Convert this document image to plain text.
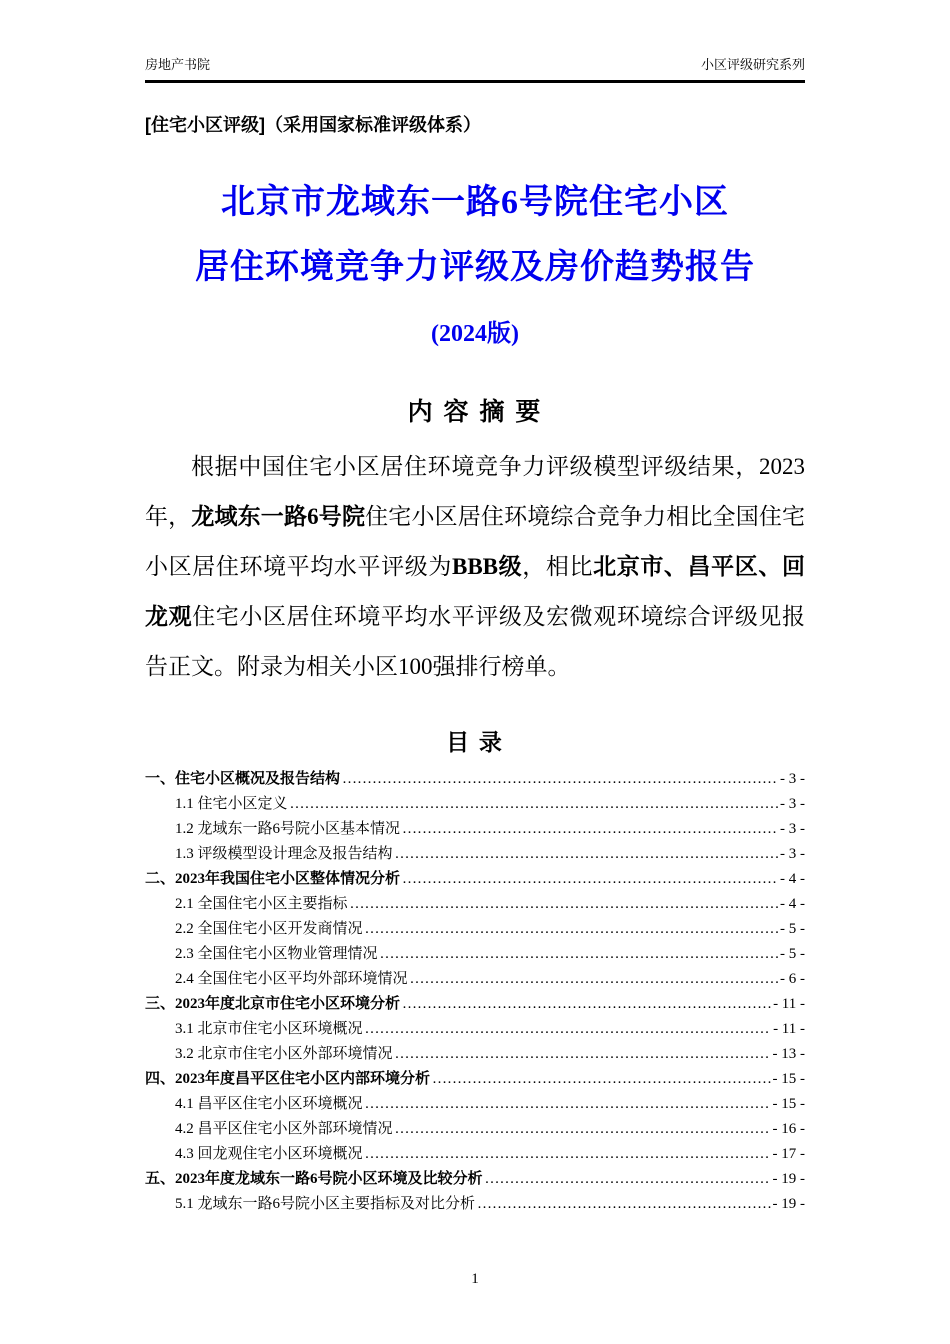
房地产书院	小区评级研究系列
[住宅小区评级]（采用国家标准评级体系）
北京市龙域东一路6号院住宅小区
居住环境竞争力评级及房价趋势报告
(2024版)
内 容 摘 要

根据中国住宅小区居住环境竞争力评级模型评级结果，2023 年，龙域东一路6号院住宅小区居住环境综合竞争力相比全国住宅小区居住环境平均水平评级为BBB级，相比北京市、昌平区、回龙观住宅小区居住环境平均水平评级及宏微观环境综合评级见报告正文。附录为相关小区100强排行榜单。

目 录
一、住宅小区概况及报告结构 …………………………………………………………………………………………………………………………………………………………	- 3 -
1.1 住宅小区定义 …………………………………………………………………………………………………………………………………………………………	- 3 -
1.2 龙域东一路6号院小区基本情况 …………………………………………………………………………………………………………………………………………………………	- 3 -
1.3 评级模型设计理念及报告结构 …………………………………………………………………………………………………………………………………………………………	- 3 -
二、2023年我国住宅小区整体情况分析 …………………………………………………………………………………………………………………………………………………………	- 4 -
2.1 全国住宅小区主要指标 …………………………………………………………………………………………………………………………………………………………	- 4 -
2.2 全国住宅小区开发商情况 …………………………………………………………………………………………………………………………………………………………	- 5 -
2.3 全国住宅小区物业管理情况 …………………………………………………………………………………………………………………………………………………………	- 5 -
2.4 全国住宅小区平均外部环境情况 …………………………………………………………………………………………………………………………………………………………	- 6 -
三、2023年度北京市住宅小区环境分析 …………………………………………………………………………………………………………………………………………………………	- 11 -
3.1 北京市住宅小区环境概况 …………………………………………………………………………………………………………………………………………………………	- 11 -
3.2 北京市住宅小区外部环境情况 …………………………………………………………………………………………………………………………………………………………	- 13 -
四、2023年度昌平区住宅小区内部环境分析 …………………………………………………………………………………………………………………………………………………………	- 15 -
4.1 昌平区住宅小区环境概况 …………………………………………………………………………………………………………………………………………………………	- 15 -
4.2 昌平区住宅小区外部环境情况 …………………………………………………………………………………………………………………………………………………………	- 16 -
4.3 回龙观住宅小区环境概况 …………………………………………………………………………………………………………………………………………………………	- 17 -
五、2023年度龙域东一路6号院小区环境及比较分析 …………………………………………………………………………………………………………………………………………………………	- 19 -
5.1 龙域东一路6号院小区主要指标及对比分析 …………………………………………………………………………………………………………………………………………………………	- 19 -
1
